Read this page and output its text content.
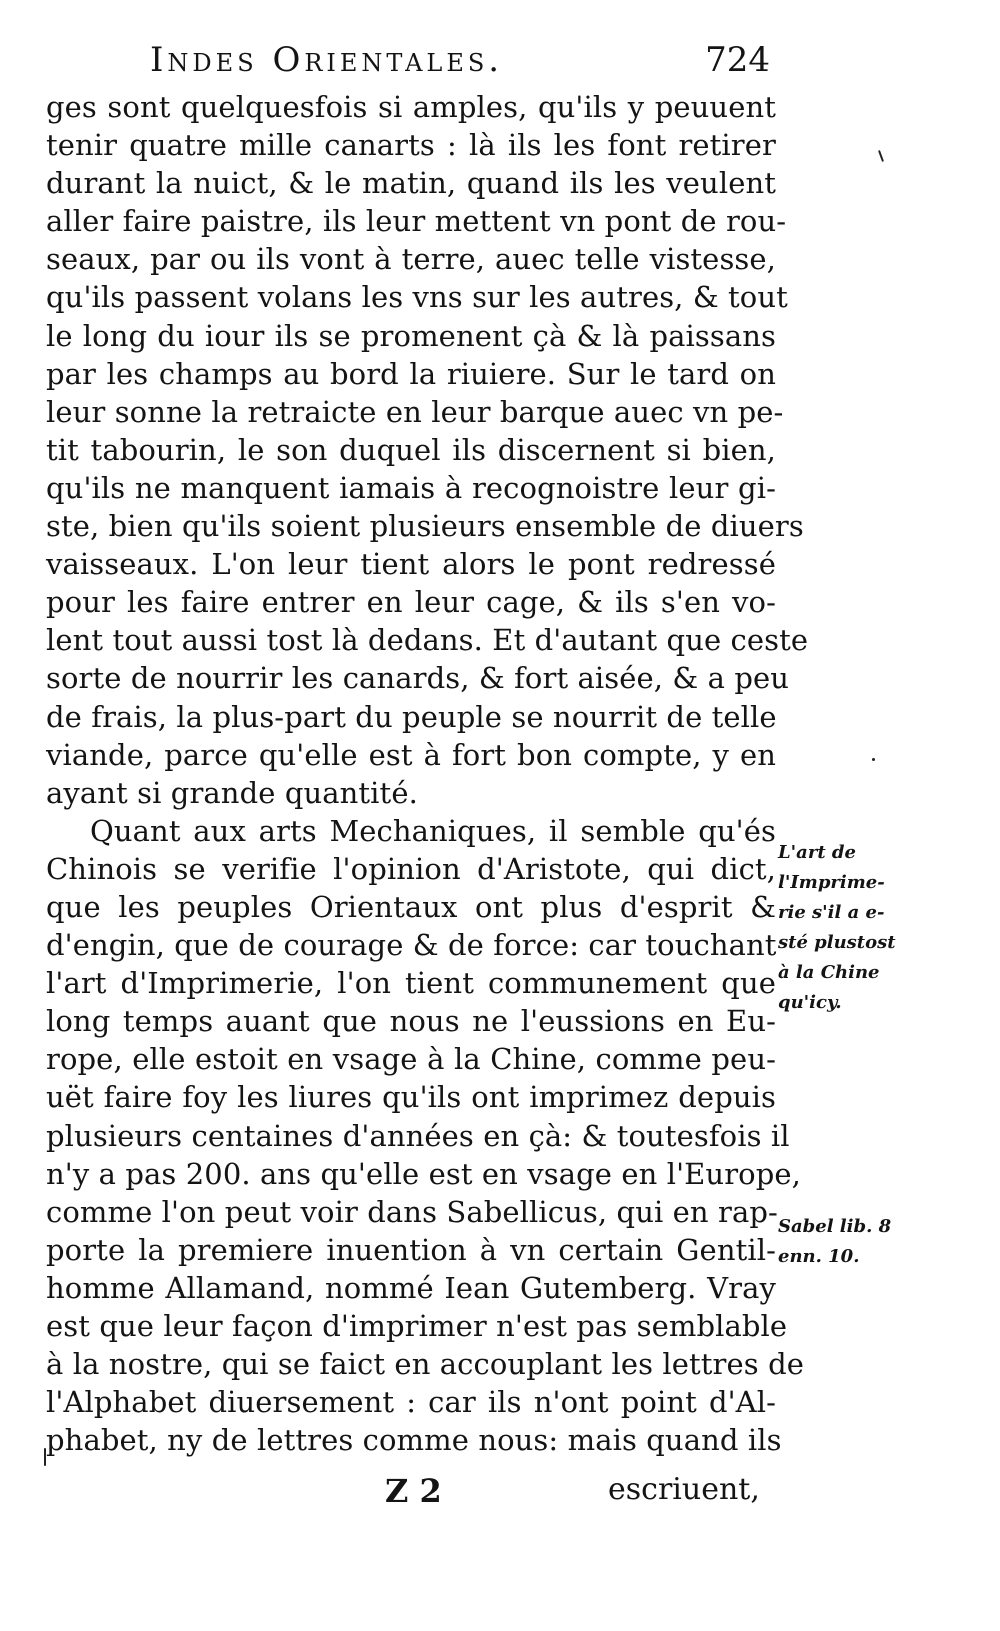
Indes Orientales.	724
ges sont quelquesfois si amples, qu'ils y peuuent
tenir quatre mille canarts : là ils les font retirer
durant la nuict, & le matin, quand ils les veulent
aller faire paistre, ils leur mettent vn pont de rou-
seaux, par ou ils vont à terre, auec telle vistesse,
qu'ils passent volans les vns sur les autres, & tout
le long du iour ils se promenent çà & là paissans
par les champs au bord la riuiere. Sur le tard on
leur sonne la retraicte en leur barque auec vn pe-
tit tabourin, le son duquel ils discernent si bien,
qu'ils ne manquent iamais à recognoistre leur gi-
ste, bien qu'ils soient plusieurs ensemble de diuers
vaisseaux. L'on leur tient alors le pont redressé
pour les faire entrer en leur cage, & ils s'en vo-
lent tout aussi tost là dedans. Et d'autant que ceste
sorte de nourrir les canards, & fort aisée, & a peu
de frais, la plus-part du peuple se nourrit de telle
viande, parce qu'elle est à fort bon compte, y en
ayant si grande quantité.
Quant aux arts Mechaniques, il semble qu'és
Chinois se verifie l'opinion d'Aristote, qui dict,
que les peuples Orientaux ont plus d'esprit &
d'engin, que de courage & de force: car touchant
l'art d'Imprimerie, l'on tient communement que
long temps auant que nous ne l'eussions en Eu-
rope, elle estoit en vsage à la Chine, comme peu-
uët faire foy les liures qu'ils ont imprimez depuis
plusieurs centaines d'années en çà: & toutesfois il
n'y a pas 200. ans qu'elle est en vsage en l'Europe,
comme l'on peut voir dans Sabellicus, qui en rap-
porte la premiere inuention à vn certain Gentil-
homme Allamand, nommé Iean Gutemberg. Vray
est que leur façon d'imprimer n'est pas semblable
à la nostre, qui se faict en accouplant les lettres de
l'Alphabet diuersement : car ils n'ont point d'Al-
phabet, ny de lettres comme nous: mais quand ils
L'art de
l'Imprime-
rie s'il a e-
sté plustost
à la Chine
qu'icy.
Sabel lib. 8
enn. 10.
Z 2	escriuent,
